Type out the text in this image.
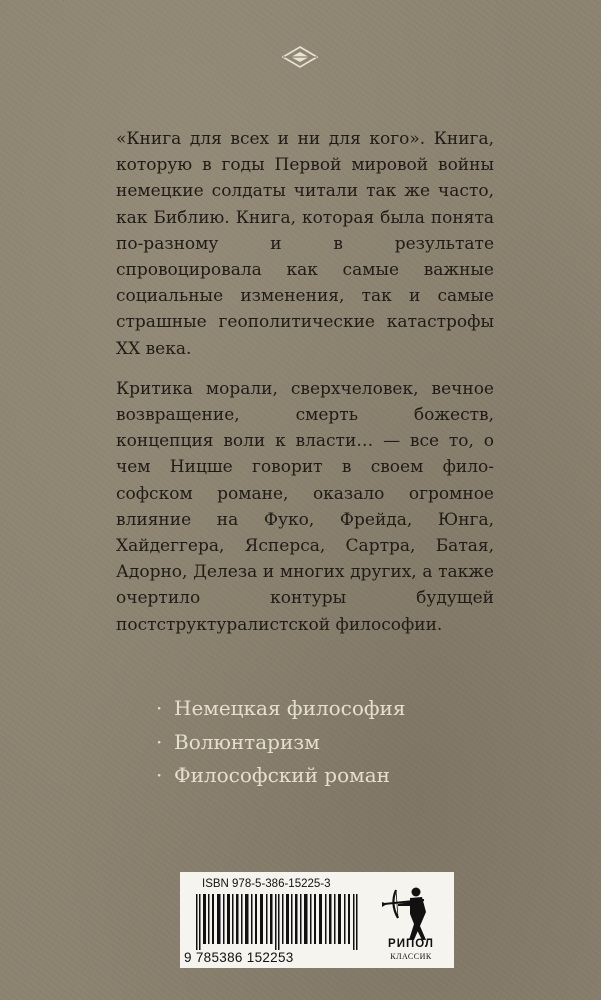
«Книга для всех и ни для кого». Книга, которую в годы Первой мировой войны немецкие солдаты читали так же часто, как Библию. Книга, которая была понята по-разному и в результате спровоцировала как самые важные социальные изменения, так и самые страшные геополитические катастрофы XX века.

Критика морали, сверхчеловек, вечное возвращение, смерть божеств, концепция воли к власти… — все то, о чем Ницше говорит в своем философском романе, оказало огромное влияние на Фуко, Фрейда, Юнга, Хайдеггера, Ясперса, Сартра, Батая, Адорно, Делеза и многих других, а также очертило контуры будущей постструктуралистской философии.

· Немецкая философия
· Волюнтаризм
· Философский роман
ISBN 978-5-386-15225-3
9 785386 152253
РИПОЛ
КЛАССИК
